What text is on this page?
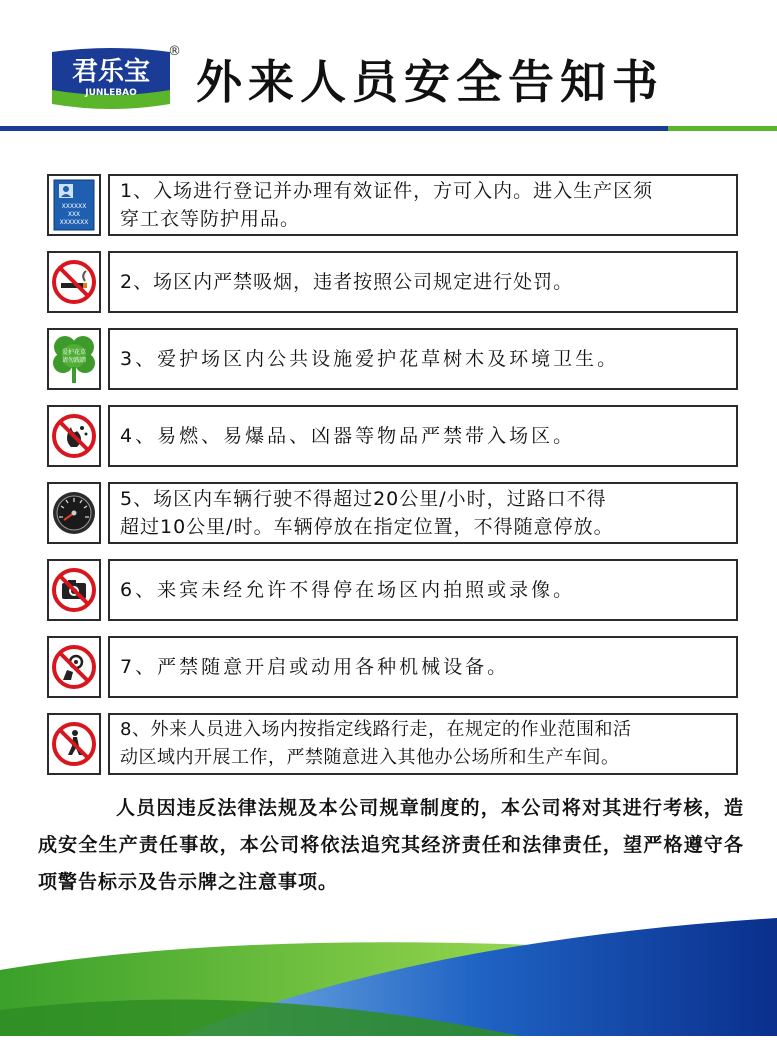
君乐宝
JUNLEBAO
®
外来人员安全告知书
XXXXXX
XXX
XXXXXXX
1、入场进行登记并办理有效证件，方可入内。进入生产区须
穿工衣等防护用品。
2、场区内严禁吸烟，违者按照公司规定进行处罚。
爱护花草
请勿践踏 3、爱护场区内公共设施爱护花草树木及环境卫生。
4、易燃、易爆品、凶器等物品严禁带入场区。
5、场区内车辆行驶不得超过20公里/小时，过路口不得
超过10公里/时。车辆停放在指定位置，不得随意停放。
6、来宾未经允许不得停在场区内拍照或录像。
7、严禁随意开启或动用各种机械设备。
8、外来人员进入场内按指定线路行走，在规定的作业范围和活
动区域内开展工作，严禁随意进入其他办公场所和生产车间。
人员因违反法律法规及本公司规章制度的，本公司将对其进行考核，造成安全生产责任事故，本公司将依法追究其经济责任和法律责任，望严格遵守各项警告标示及告示牌之注意事项。
